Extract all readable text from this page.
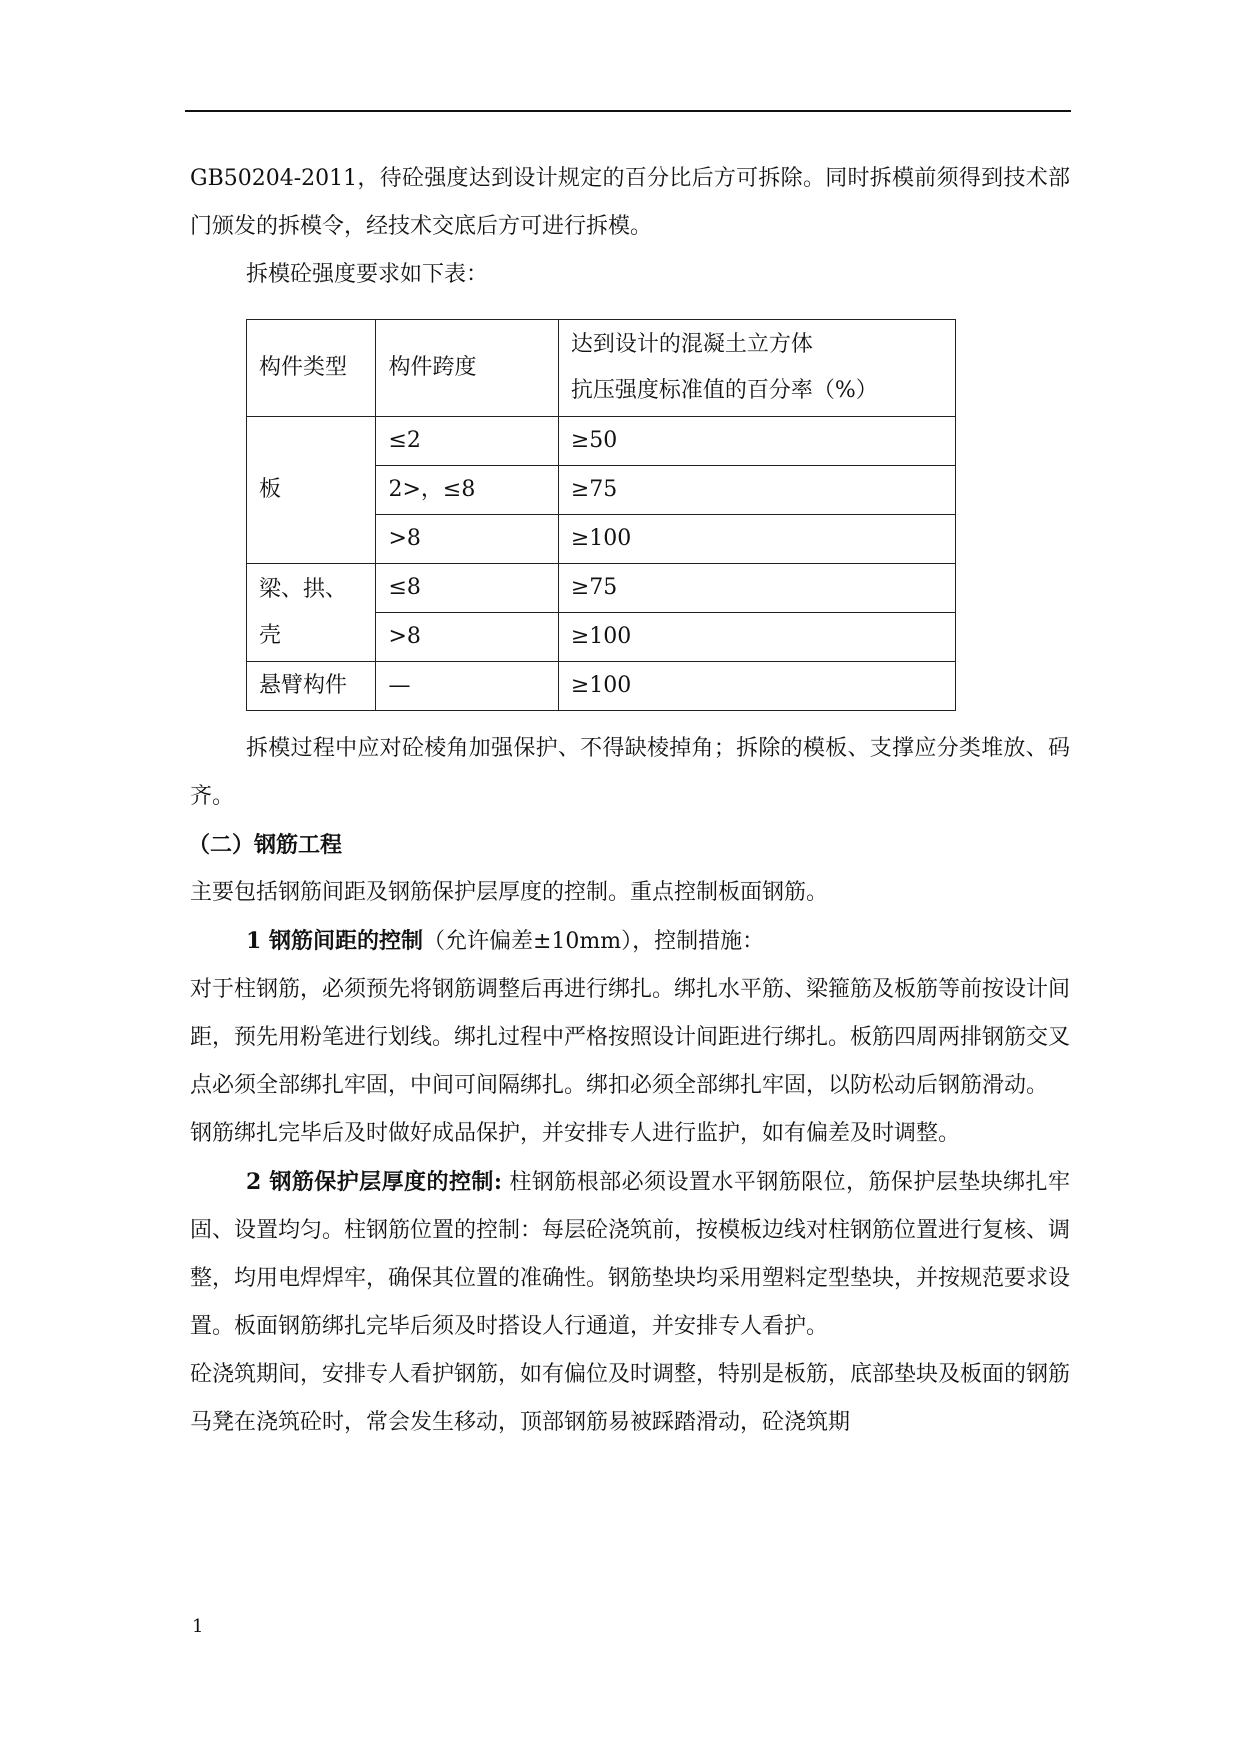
GB50204-2011，待砼强度达到设计规定的百分比后方可拆除。同时拆模前须得到技术部门颁发的拆模令，经技术交底后方可进行拆模。

拆模砼强度要求如下表：

构件类型	构件跨度	达到设计的混凝土立方体
抗压强度标准值的百分率（%）

板	≤2	≥50
	2>，≤8	≥75
	>8	≥100

梁、拱、
壳	≤8	≥75
	>8	≥100
悬臂构件	—	≥100

拆模过程中应对砼棱角加强保护、不得缺棱掉角；拆除的模板、支撑应分类堆放、码齐。

（二）钢筋工程

主要包括钢筋间距及钢筋保护层厚度的控制。重点控制板面钢筋。

1 钢筋间距的控制（允许偏差±10mm），控制措施：

对于柱钢筋，必须预先将钢筋调整后再进行绑扎。绑扎水平筋、梁箍筋及板筋等前按设计间距，预先用粉笔进行划线。绑扎过程中严格按照设计间距进行绑扎。板筋四周两排钢筋交叉点必须全部绑扎牢固，中间可间隔绑扎。绑扣必须全部绑扎牢固，以防松动后钢筋滑动。

钢筋绑扎完毕后及时做好成品保护，并安排专人进行监护，如有偏差及时调整。

2 钢筋保护层厚度的控制: 柱钢筋根部必须设置水平钢筋限位，筋保护层垫块绑扎牢固、设置均匀。柱钢筋位置的控制：每层砼浇筑前，按模板边线对柱钢筋位置进行复核、调整，均用电焊焊牢，确保其位置的准确性。钢筋垫块均采用塑料定型垫块，并按规范要求设置。板面钢筋绑扎完毕后须及时搭设人行通道，并安排专人看护。

砼浇筑期间，安排专人看护钢筋，如有偏位及时调整，特别是板筋，底部垫块及板面的钢筋马凳在浇筑砼时，常会发生移动，顶部钢筋易被踩踏滑动，砼浇筑期

1
